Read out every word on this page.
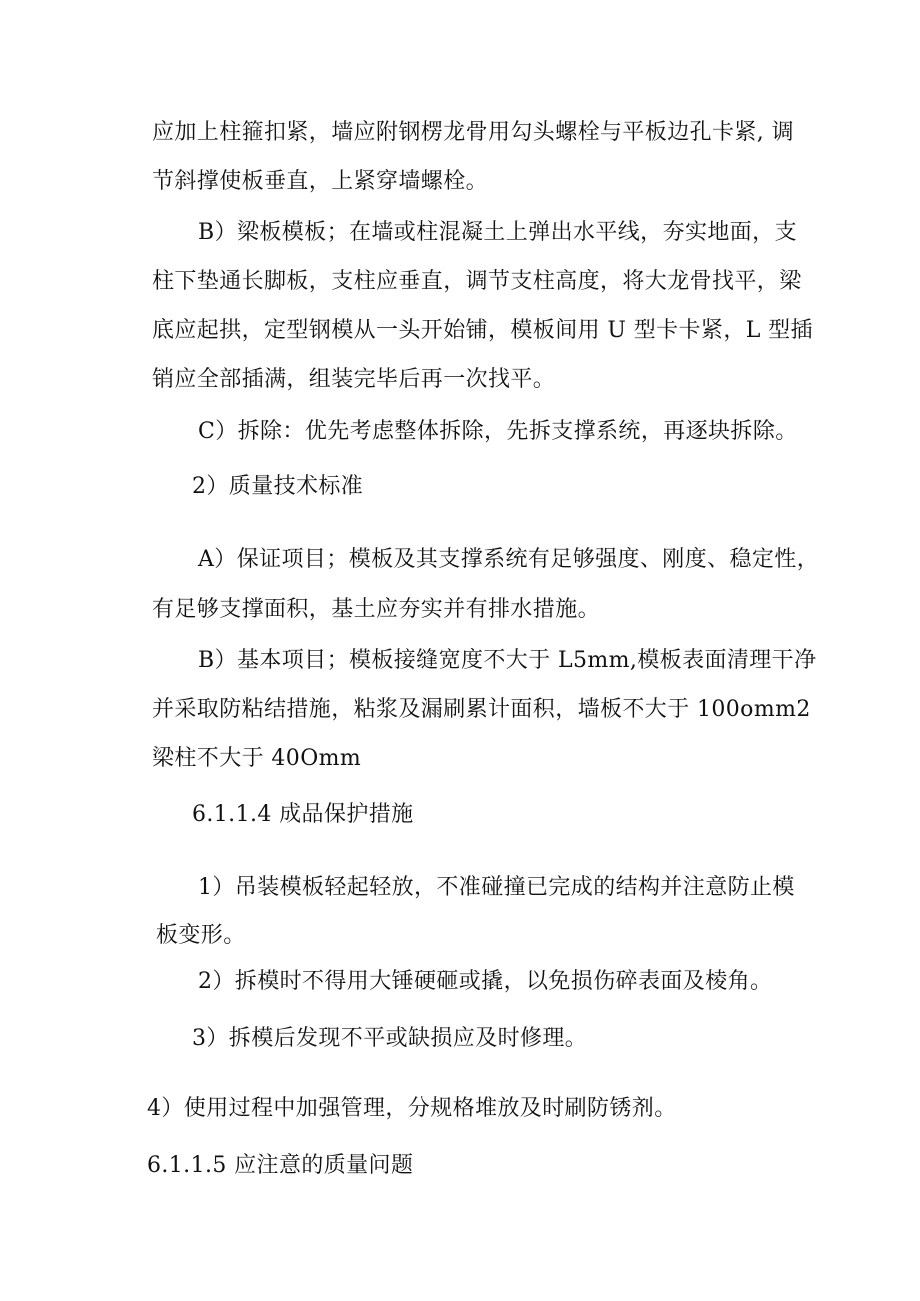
应加上柱箍扣紧，墙应附钢楞龙骨用勾头螺栓与平板边孔卡紧, 调
节斜撑使板垂直，上紧穿墙螺栓。
B）梁板模板；在墙或柱混凝土上弹出水平线，夯实地面，支
柱下垫通长脚板，支柱应垂直，调节支柱高度，将大龙骨找平，梁
底应起拱，定型钢模从一头开始铺，模板间用 U 型卡卡紧，L 型插
销应全部插满，组装完毕后再一次找平。
C）拆除：优先考虑整体拆除，先拆支撑系统，再逐块拆除。
2）质量技术标准
A）保证项目；模板及其支撑系统有足够强度、刚度、稳定性，
有足够支撑面积，基土应夯实并有排水措施。
B）基本项目；模板接缝宽度不大于 L5mm,模板表面清理干净
并采取防粘结措施，粘浆及漏刷累计面积，墙板不大于 100omm2
梁柱不大于 40Omm
6.1.1.4 成品保护措施
1）吊装模板轻起轻放，不准碰撞已完成的结构并注意防止模
板变形。
2）拆模时不得用大锤硬砸或撬，以免损伤碎表面及棱角。
3）拆模后发现不平或缺损应及时修理。
4）使用过程中加强管理，分规格堆放及时刷防锈剂。
6.1.1.5 应注意的质量问题
